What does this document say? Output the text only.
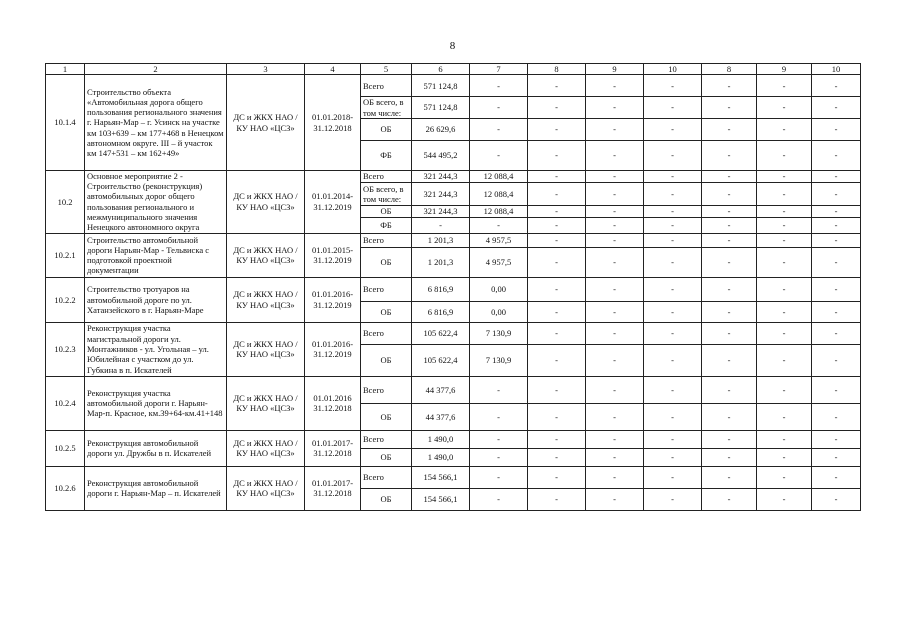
8
1	2	3	4	5	6	7	8	9	10	8	9	10
10.1.4	Строительство объекта «Автомобильная дорога общего пользования регионального значения г. Нарьян-Мар – г. Усинск на участке км 103+639 – км 177+468 в Ненецком автономном округе. III – й участок км 147+531 – км 162+49»	ДС и ЖКХ НАО / КУ НАО «ЦСЗ»	01.01.2018-31.12.2018	Всего	571 124,8	-	-	-	-	-	-	-
				ОБ всего, в том числе:	571 124,8	-	-	-	-	-	-	-
				ОБ	26 629,6	-	-	-	-	-	-	-
				ФБ	544 495,2	-	-	-	-	-	-	-
10.2	Основное мероприятие 2 - Строительство (реконструкция) автомобильных дорог общего пользования регионального и межмуниципального значения Ненецкого автономного округа	ДС и ЖКХ НАО / КУ НАО «ЦСЗ»	01.01.2014-31.12.2019	Всего	321 244,3	12 088,4	-	-	-	-	-	-
				ОБ всего, в том числе:	321 244,3	12 088,4	-	-	-	-	-	-
				ОБ	321 244,3	12 088,4	-	-	-	-	-	-
				ФБ	-	-	-	-	-	-	-	-
10.2.1	Строительство автомобильной дороги Нарьян-Мар - Тельвиска с подготовкой проектной документации	ДС и ЖКХ НАО / КУ НАО «ЦСЗ»	01.01.2015-31.12.2019	Всего	1 201,3	4 957,5	-	-	-	-	-	-
				ОБ	1 201,3	4 957,5	-	-	-	-	-	-
10.2.2	Строительство тротуаров на автомобильной дороге по ул. Хатанзейского в г. Нарьян-Маре	ДС и ЖКХ НАО / КУ НАО «ЦСЗ»	01.01.2016-31.12.2019	Всего	6 816,9	0,00	-	-	-	-	-	-
				ОБ	6 816,9	0,00	-	-	-	-	-	-
10.2.3	Реконструкция участка магистральной дороги ул. Монтажников - ул. Угольная – ул. Юбилейная с участком до ул. Губкина в п. Искателей	ДС и ЖКХ НАО / КУ НАО «ЦСЗ»	01.01.2016-31.12.2019	Всего	105 622,4	7 130,9	-	-	-	-	-	-
				ОБ	105 622,4	7 130,9	-	-	-	-	-	-
10.2.4	Реконструкция участка автомобильной дороги г. Нарьян-Мар-п. Красное, км.39+64-км.41+148	ДС и ЖКХ НАО / КУ НАО «ЦСЗ»	01.01.2016 31.12.2018	Всего	44 377,6	-	-	-	-	-	-	-
				ОБ	44 377,6	-	-	-	-	-	-	-
10.2.5	Реконструкция автомобильной дороги ул. Дружбы в п. Искателей	ДС и ЖКХ НАО / КУ НАО «ЦСЗ»	01.01.2017-31.12.2018	Всего	1 490,0	-	-	-	-	-	-	-
				ОБ	1 490,0	-	-	-	-	-	-	-
10.2.6	Реконструкция автомобильной дороги г. Нарьян-Мар – п. Искателей	ДС и ЖКХ НАО / КУ НАО «ЦСЗ»	01.01.2017-31.12.2018	Всего	154 566,1	-	-	-	-	-	-	-
				ОБ	154 566,1	-	-	-	-	-	-	-
